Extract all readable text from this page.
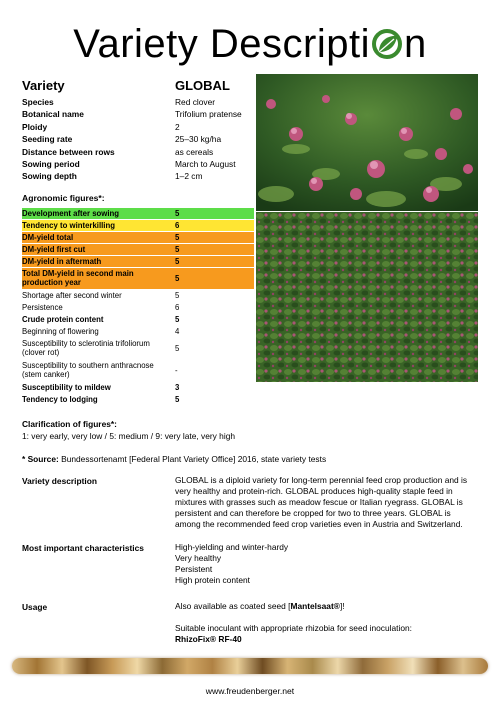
Variety Descripti n
Variety	GLOBAL
Species	Red clover
Botanical name	Trifolium pratense
Ploidy	2
Seeding rate	25–30 kg/ha
Distance between rows	as cereals
Sowing period	March to August
Sowing depth	1–2 cm
Agronomic figures*:
Development after sowing	5
Tendency to winterkilling	6
DM-yield total	5
DM-yield first cut	5
DM-yield in aftermath	5
Total DM-yield in second main production year	5
Shortage after second winter	5
Persistence	6
Crude protein content	5
Beginning of flowering	4
Susceptibility to sclerotinia trifoliorum (clover rot)	5
Susceptibility to southern anthracnose (stem canker)	-
Susceptibility to mildew	3
Tendency to lodging	5
Clarification of figures*:
1: very early, very low / 5: medium / 9: very late, very high
* Source: Bundessortenamt [Federal Plant Variety Office] 2016, state variety tests
Variety description	GLOBAL is a diploid variety for long-term perennial feed crop production and is
very healthy and protein-rich. GLOBAL produces high-quality staple feed in
mixtures with grasses such as meadow fescue or Italian ryegrass. GLOBAL is
persistent and can therefore be cropped for two to three years. GLOBAL is
among the recommended feed crop varieties even in Austria and Switzerland.
Most important characteristics	High-yielding and winter-hardy
Very healthy
Persistent
High protein content
Usage	Also available as coated seed [Mantelsaat®]!
Suitable inoculant with appropriate rhizobia for seed inoculation:
RhizoFix® RF-40
www.freudenberger.net
